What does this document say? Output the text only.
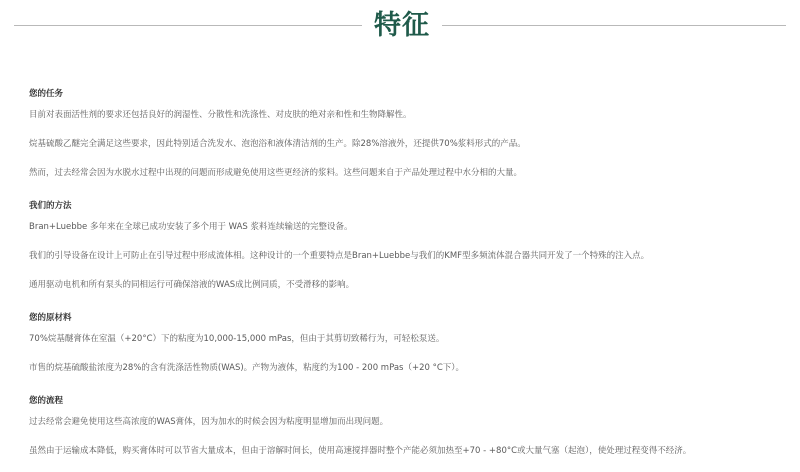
特征
您的任务

目前对表面活性剂的要求还包括良好的润湿性、分散性和洗涤性、对皮肤的绝对亲和性和生物降解性。

烷基硫酸乙醚完全满足这些要求，因此特别适合洗发水、泡泡浴和液体清洁剂的生产。除28%溶液外，还提供70%浆料形式的产品。

然而，过去经常会因为水脱水过程中出现的问题而形成避免使用这些更经济的浆料。这些问题来自于产品处理过程中水分相的大量。

我们的方法

Bran+Luebbe 多年来在全球已成功安装了多个用于 WAS 浆料连续输送的完整设备。

我们的引导设备在设计上可防止在引导过程中形成流体相。这种设计的一个重要特点是Bran+Luebbe与我们的KMF型多频流体混合器共同开发了一个特殊的注入点。

通用驱动电机和所有泵头的同相运行可确保溶液的WAS成比例同质，不受滑移的影响。

您的原材料

70%烷基醚膏体在室温（+20°C）下的粘度为10,000-15,000 mPas，但由于其剪切致稀行为，可轻松泵送。

市售的烷基硫酸盐浓度为28%的含有洗涤活性物质(WAS)。产物为液体，粘度约为100 - 200 mPas（+20 °C下）。

您的流程

过去经常会避免使用这些高浓度的WAS膏体，因为加水的时候会因为粘度明显增加而出现问题。

虽然由于运输成本降低，购买膏体时可以节省大量成本，但由于溶解时间长，使用高速搅拌器时整个产能必须加热至+70 - +80°C或大量气塞（起泡），使处理过程变得不经济。
